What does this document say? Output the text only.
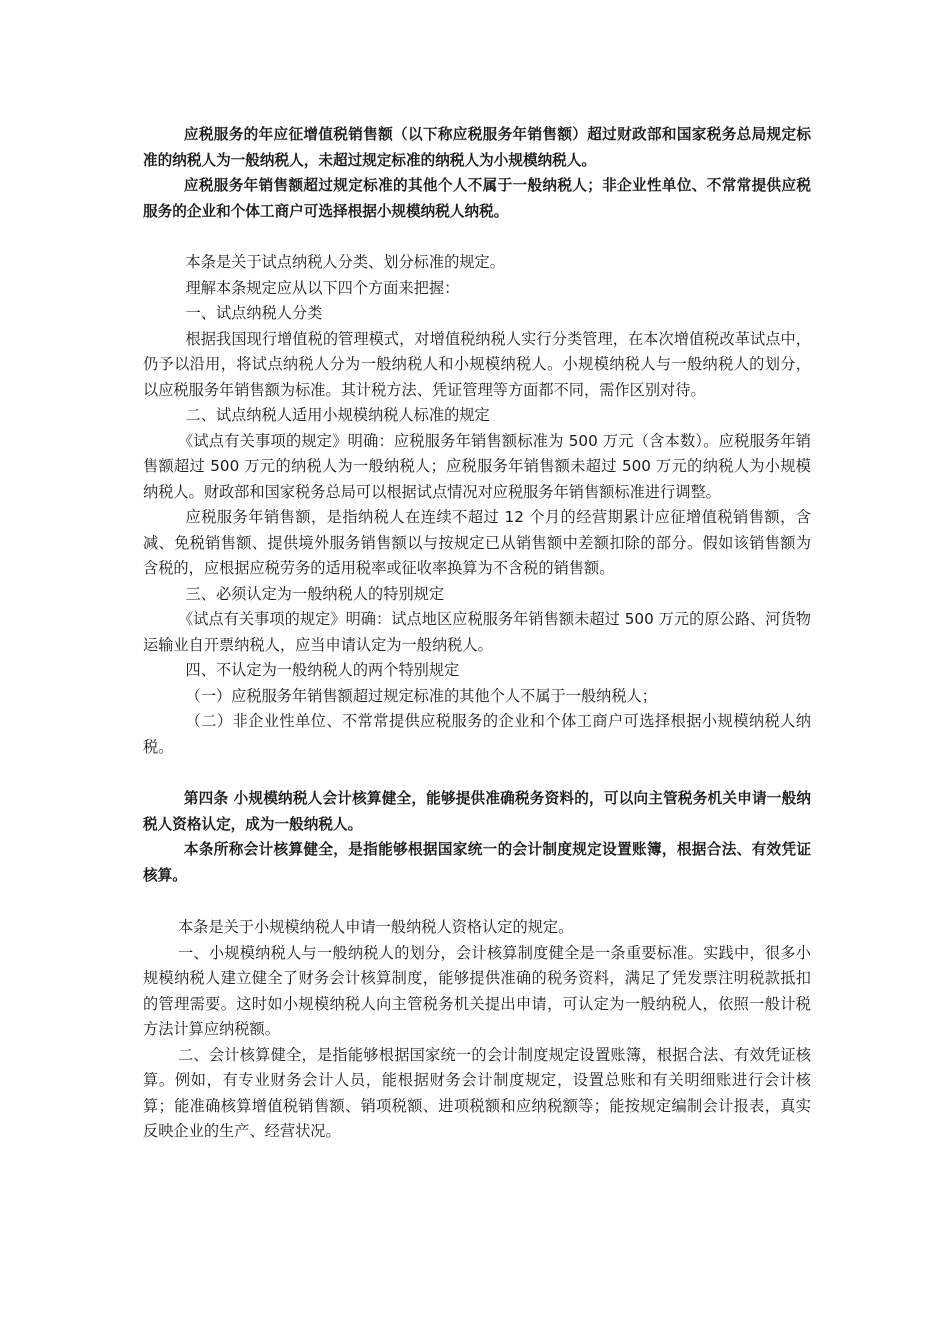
应税服务的年应征增值税销售额（以下称应税服务年销售额）超过财政部和国家税务总局规定标准的纳税人为一般纳税人，未超过规定标准的纳税人为小规模纳税人。

应税服务年销售额超过规定标准的其他个人不属于一般纳税人；非企业性单位、不常常提供应税服务的企业和个体工商户可选择根据小规模纳税人纳税。

本条是关于试点纳税人分类、划分标准的规定。

理解本条规定应从以下四个方面来把握：

一、试点纳税人分类

根据我国现行增值税的管理模式，对增值税纳税人实行分类管理，在本次增值税改革试点中，仍予以沿用，将试点纳税人分为一般纳税人和小规模纳税人。小规模纳税人与一般纳税人的划分，以应税服务年销售额为标准。其计税方法、凭证管理等方面都不同，需作区别对待。

二、试点纳税人适用小规模纳税人标准的规定

《试点有关事项的规定》明确：应税服务年销售额标准为 500 万元（含本数）。应税服务年销售额超过 500 万元的纳税人为一般纳税人；应税服务年销售额未超过 500 万元的纳税人为小规模纳税人。财政部和国家税务总局可以根据试点情况对应税服务年销售额标准进行调整。

应税服务年销售额，是指纳税人在连续不超过 12 个月的经营期累计应征增值税销售额，含减、免税销售额、提供境外服务销售额以与按规定已从销售额中差额扣除的部分。假如该销售额为含税的，应根据应税劳务的适用税率或征收率换算为不含税的销售额。

三、必须认定为一般纳税人的特别规定

《试点有关事项的规定》明确：试点地区应税服务年销售额未超过 500 万元的原公路、河货物运输业自开票纳税人，应当申请认定为一般纳税人。

四、不认定为一般纳税人的两个特别规定

（一）应税服务年销售额超过规定标准的其他个人不属于一般纳税人；

（二）非企业性单位、不常常提供应税服务的企业和个体工商户可选择根据小规模纳税人纳税。

第四条 小规模纳税人会计核算健全，能够提供准确税务资料的，可以向主管税务机关申请一般纳税人资格认定，成为一般纳税人。

本条所称会计核算健全，是指能够根据国家统一的会计制度规定设置账簿，根据合法、有效凭证核算。

本条是关于小规模纳税人申请一般纳税人资格认定的规定。

一、小规模纳税人与一般纳税人的划分，会计核算制度健全是一条重要标准。实践中，很多小规模纳税人建立健全了财务会计核算制度，能够提供准确的税务资料，满足了凭发票注明税款抵扣的管理需要。这时如小规模纳税人向主管税务机关提出申请，可认定为一般纳税人，依照一般计税方法计算应纳税额。

二、会计核算健全，是指能够根据国家统一的会计制度规定设置账簿，根据合法、有效凭证核算。例如，有专业财务会计人员，能根据财务会计制度规定，设置总账和有关明细账进行会计核算；能准确核算增值税销售额、销项税额、进项税额和应纳税额等；能按规定编制会计报表，真实反映企业的生产、经营状况。
